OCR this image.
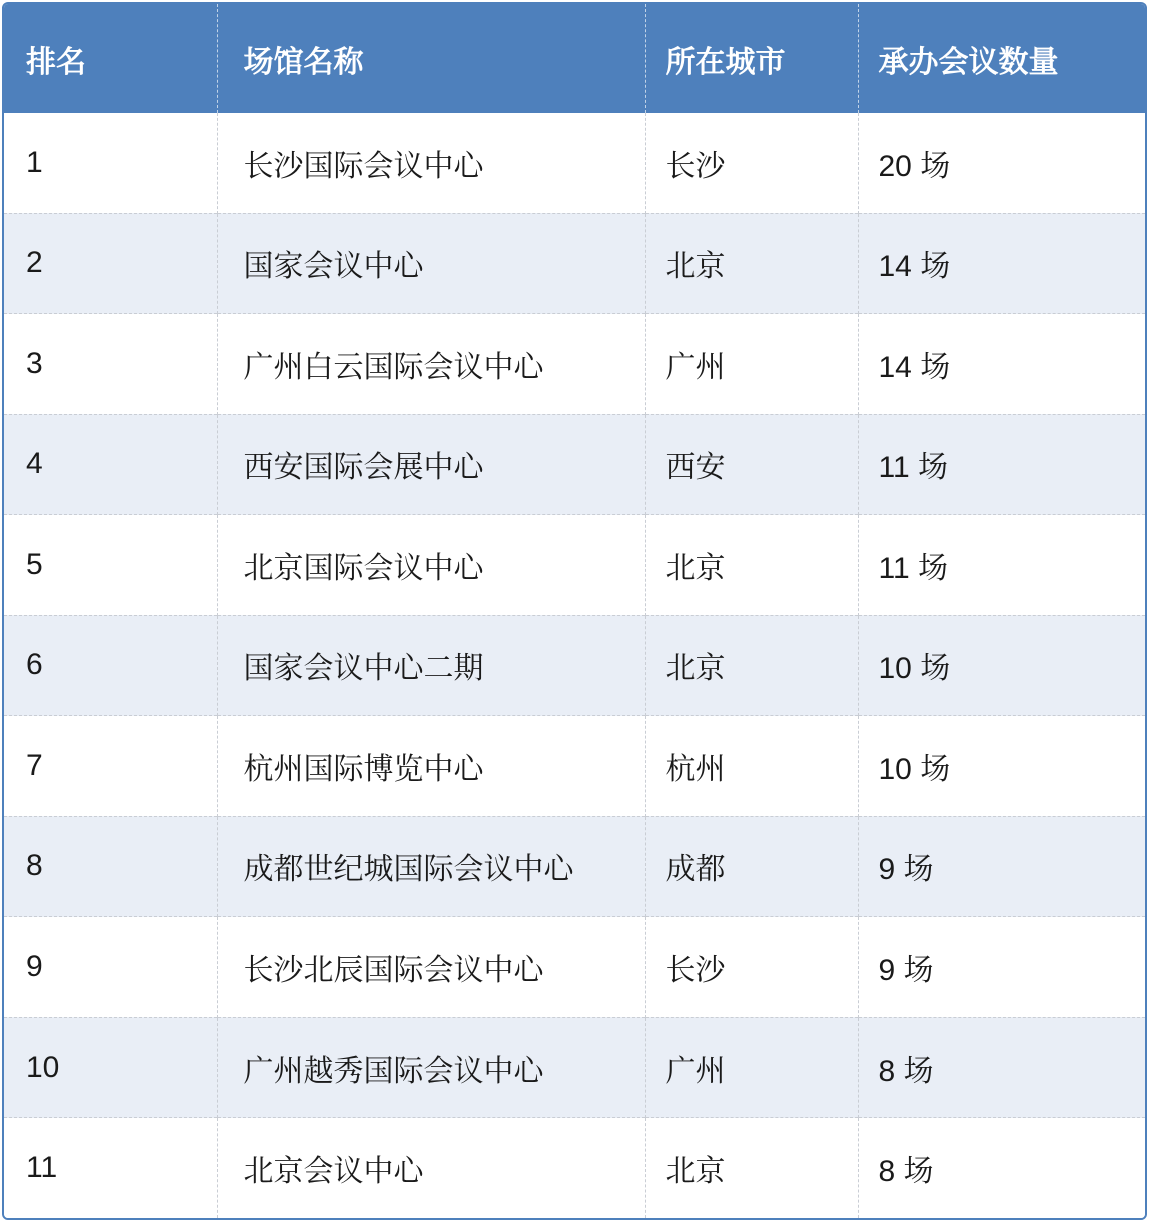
排名	场馆名称	所在城市	承办会议数量
1	长沙国际会议中心	长沙	20 场
2	国家会议中心	北京	14 场
3	广州白云国际会议中心	广州	14 场
4	西安国际会展中心	西安	11 场
5	北京国际会议中心	北京	11 场
6	国家会议中心二期	北京	10 场
7	杭州国际博览中心	杭州	10 场
8	成都世纪城国际会议中心	成都	9 场
9	长沙北辰国际会议中心	长沙	9 场
10	广州越秀国际会议中心	广州	8 场
11	北京会议中心	北京	8 场
